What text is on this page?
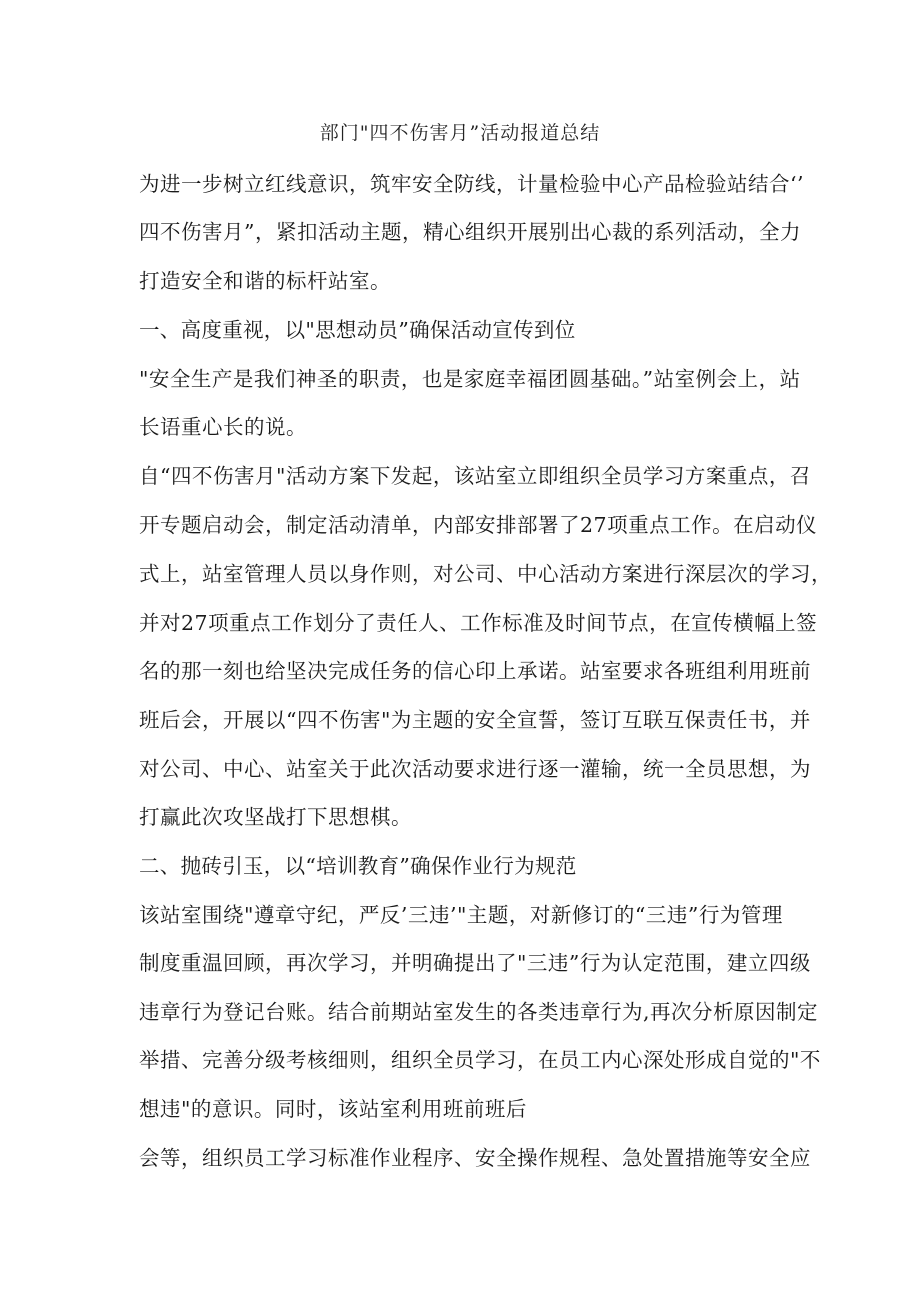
部门"四不伤害月”活动报道总结
为进一步树立红线意识，筑牢安全防线，计量检验中心产品检验站结合‘’
四不伤害月”，紧扣活动主题，精心组织开展别出心裁的系列活动，全力
打造安全和谐的标杆站室。
一、高度重视，以"思想动员”确保活动宣传到位
"安全生产是我们神圣的职责，也是家庭幸福团圆基础。”站室例会上，站
长语重心长的说。
自“四不伤害月"活动方案下发起，该站室立即组织全员学习方案重点，召
开专题启动会，制定活动清单，内部安排部署了27项重点工作。在启动仪
式上，站室管理人员以身作则，对公司、中心活动方案进行深层次的学习，
并对27项重点工作划分了责任人、工作标准及时间节点，在宣传横幅上签
名的那一刻也给坚决完成任务的信心印上承诺。站室要求各班组利用班前
班后会，开展以“四不伤害"为主题的安全宣誓，签订互联互保责任书，并
对公司、中心、站室关于此次活动要求进行逐一灌输，统一全员思想，为
打赢此次攻坚战打下思想棋。
二、抛砖引玉，以“培训教育”确保作业行为规范
该站室围绕"遵章守纪，严反’三违’"主题，对新修订的“三违”行为管理
制度重温回顾，再次学习，并明确提出了"三违”行为认定范围，建立四级
违章行为登记台账。结合前期站室发生的各类违章行为,再次分析原因制定
举措、完善分级考核细则，组织全员学习，在员工内心深处形成自觉的"不
想违"的意识。同时，该站室利用班前班后
会等，组织员工学习标准作业程序、安全操作规程、急处置措施等安全应
